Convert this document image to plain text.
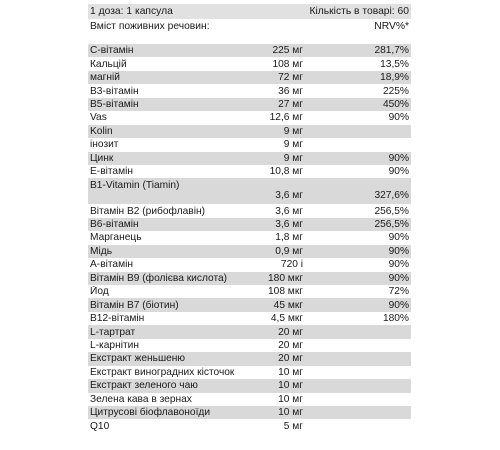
1 доза: 1 капсула	Кількість в товарі: 60
Вміст поживних речовин:	NRV%*
C-вітамін	225 мг	281,7%
Кальцій	108 мг	13,5%
магній	72 мг	18,9%
B3-вітамін	36 мг	225%
B5-вітамін	27 мг	450%
Vas	12,6 мг	90%
Kolin	9 мг
інозит	9 мг
Цинк	9 мг	90%
Е-вітамін	10,8 мг	90%
B1-Vitamin (Tiamin)
3,6 мг	327,6%
Вітамін В2 (рибофлавін)	3,6 мг	256,5%
B6-вітамін	3,6 мг	256,5%
Марганець	1,8 мг	90%
Мідь	0,9 мг	90%
А-вітамін	720 і	90%
Вітамін В9 (фолієва кислота)	180 мкг	90%
Йод	108 мкг	72%
Вітамін В7 (біотин)	45 мкг	90%
B12-вітамін	4,5 мкг	180%
L-тартрат	20 мг
L-карнітин	20 мг
Екстракт женьшеню	20 мг
Екстракт виноградних кісточок	10 мг
Екстракт зеленого чаю	10 мг
Зелена кава в зернах	10 мг
Цитрусові біофлавоноїди	10 мг
Q10	5 мг
